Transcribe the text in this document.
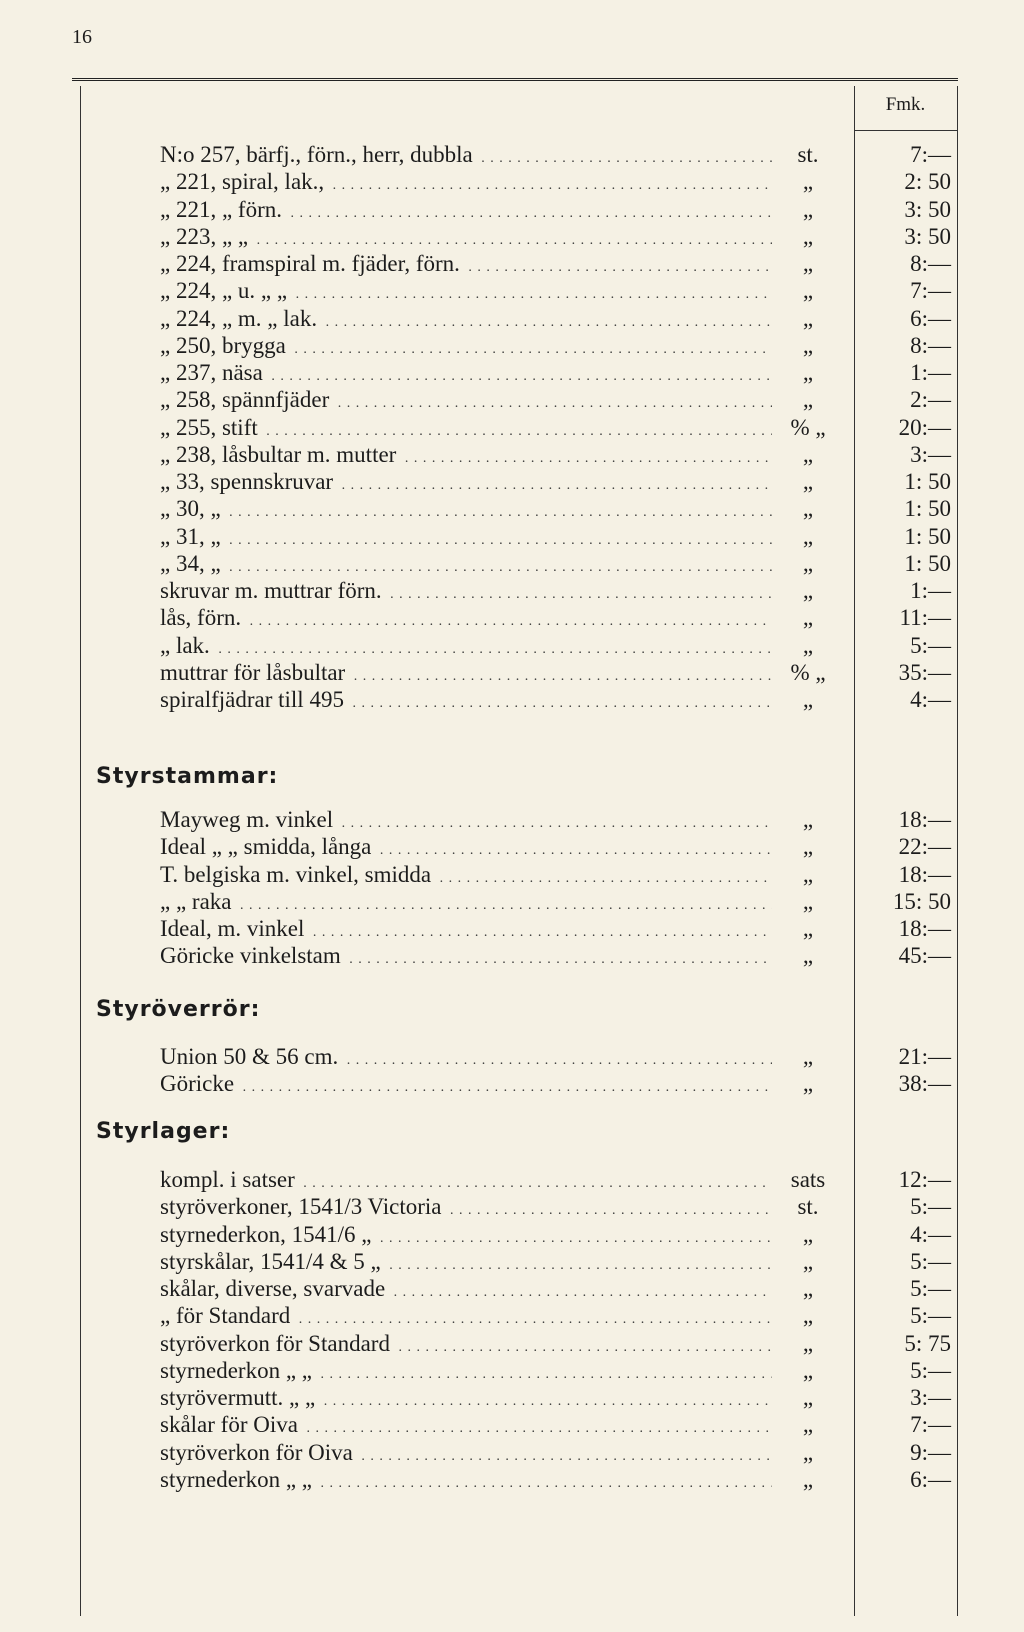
16
Fmk.
N:o 257, bärfj., förn., herr, dubbla . . .	st.	7:—
„ 221, spiral, lak., . . .	„	2: 50
„ 221, „ förn. . . .	„	3: 50
„ 223, „ „ . . .	„	3: 50
„ 224, framspiral m. fjäder, förn. . . .	„	8:—
„ 224, „ u. „ „ . . .	„	7:—
„ 224, „ m. „ lak. . . .	„	6:—
„ 250, brygga . . .	„	8:—
„ 237, näsa . . .	„	1:—
„ 258, spännfjäder . . .	„	2:—
„ 255, stift . . .	% „	20:—
„ 238, låsbultar m. mutter . . .	„	3:—
„ 33, spennskruvar . . .	„	1: 50
„ 30, „ . . .	„	1: 50
„ 31, „ . . .	„	1: 50
„ 34, „ . . .	„	1: 50
skruvar m. muttrar förn. . . .	„	1:—
lås, förn. . . .	„	11:—
„ lak. . . .	„	5:—
muttrar för låsbultar . . .	% „	35:—
spiralfjädrar till 495 . . .	„	4:—
Styrstammar:
Mayweg m. vinkel . . .	„	18:—
Ideal „ „ smidda, långa . . .	„	22:—
T. belgiska m. vinkel, smidda . . .	„	18:—
„ „ raka . . .	„	15: 50
Ideal, m. vinkel . . .	„	18:—
Göricke vinkelstam . . .	„	45:—
Styröverrör:
Union 50 & 56 cm. . . .	„	21:—
Göricke . . .	„	38:—
Styrlager:
kompl. i satser . . .	sats	12:—
styröverkoner, 1541/3 Victoria . . .	st.	5:—
styrnederkon, 1541/6 „ . . .	„	4:—
styrskålar, 1541/4 & 5 „ . . .	„	5:—
skålar, diverse, svarvade . . .	„	5:—
„ för Standard . . .	„	5:—
styröverkon för Standard . . .	„	5: 75
styrnederkon „ „ . . .	„	5:—
styrövermutt. „ „ . . .	„	3:—
skålar för Oiva . . .	„	7:—
styröverkon för Oiva . . .	„	9:—
styrnederkon „ „ . . .	„	6:—
